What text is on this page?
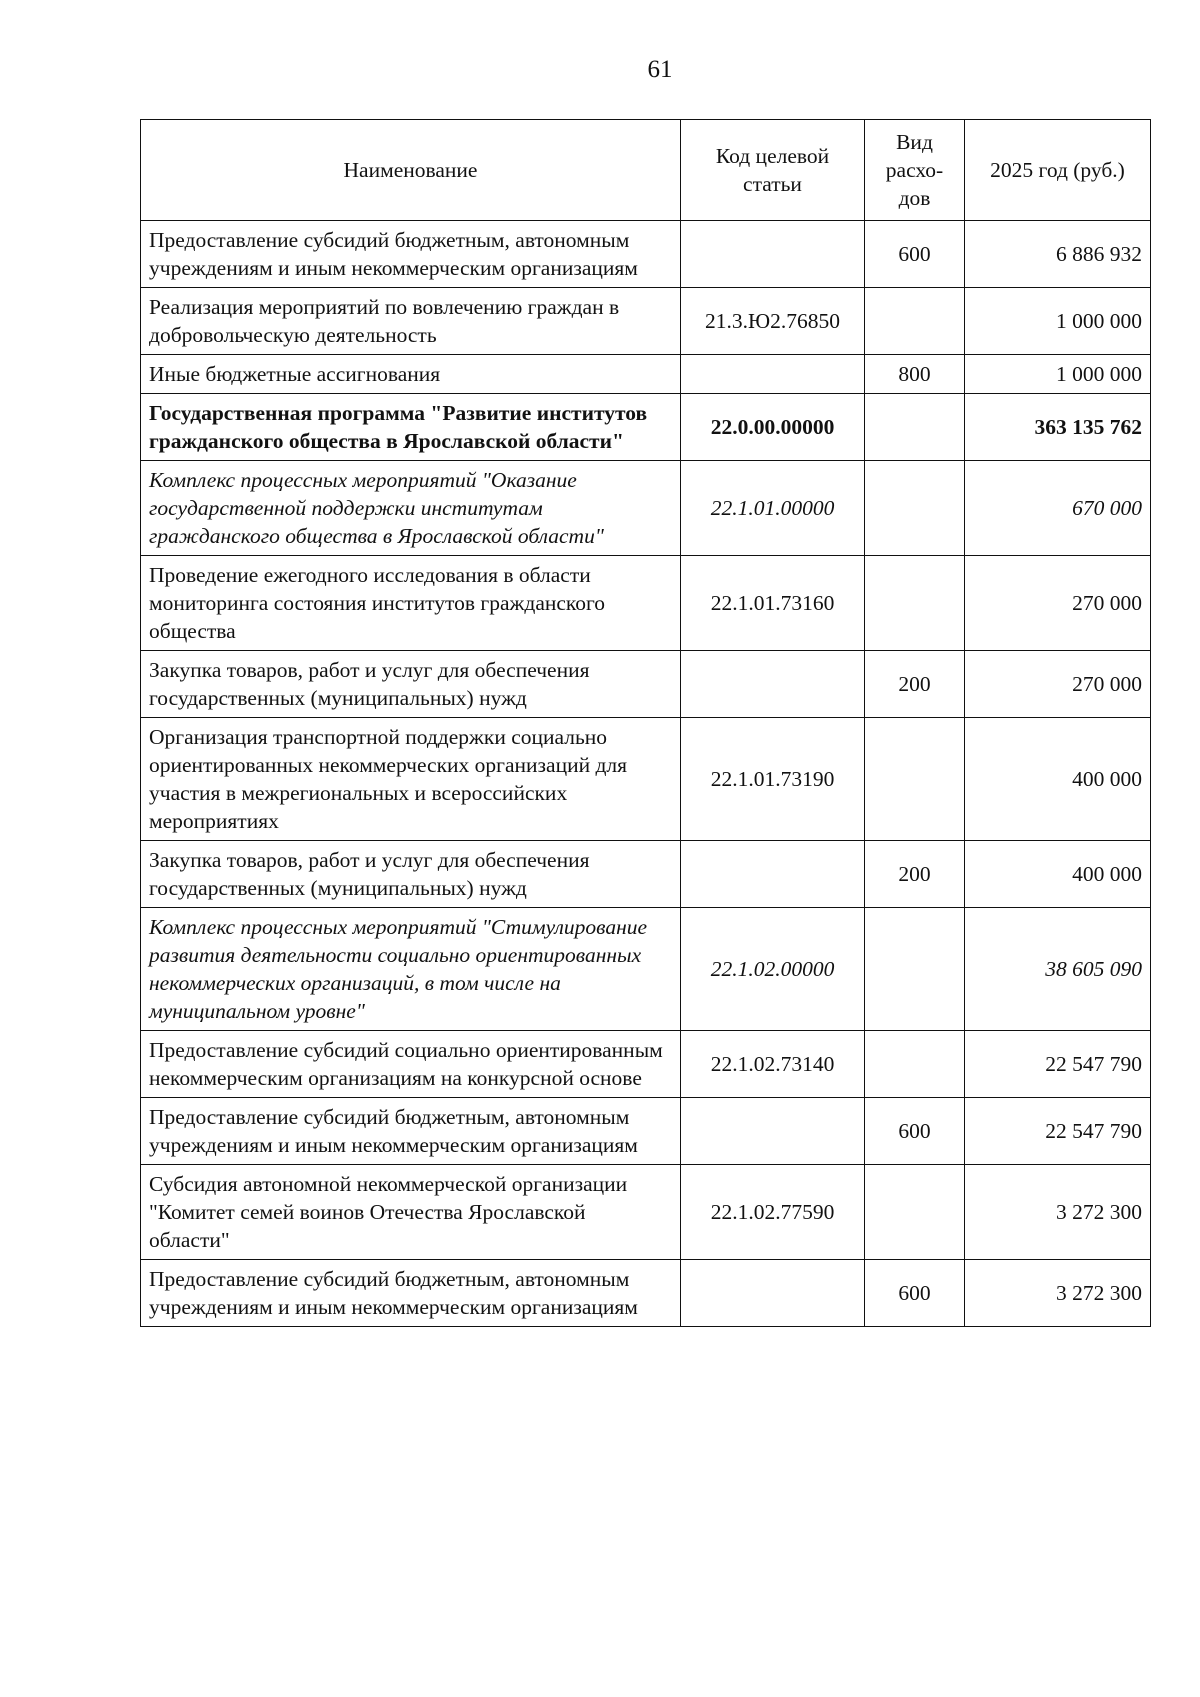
61
Наименование	Код целевой статьи	Вид расхо-дов	2025 год (руб.)
Предоставление субсидий бюджетным, автономным учреждениям и иным некоммерческим организациям		600	6 886 932
Реализация мероприятий по вовлечению граждан в добровольческую деятельность	21.3.Ю2.76850		1 000 000
Иные бюджетные ассигнования		800	1 000 000
Государственная программа "Развитие институтов гражданского общества в Ярославской области"	22.0.00.00000		363 135 762
Комплекс процессных мероприятий "Оказание государственной поддержки институтам гражданского общества в Ярославской области"	22.1.01.00000		670 000
Проведение ежегодного исследования в области мониторинга состояния институтов гражданского общества	22.1.01.73160		270 000
Закупка товаров, работ и услуг для обеспечения государственных (муниципальных) нужд		200	270 000
Организация транспортной поддержки социально ориентированных некоммерческих организаций для участия в межрегиональных и всероссийских мероприятиях	22.1.01.73190		400 000
Закупка товаров, работ и услуг для обеспечения государственных (муниципальных) нужд		200	400 000
Комплекс процессных мероприятий "Стимулирование развития деятельности социально ориентированных некоммерческих организаций, в том числе на муниципальном уровне"	22.1.02.00000		38 605 090
Предоставление субсидий социально ориентированным некоммерческим организациям на конкурсной основе	22.1.02.73140		22 547 790
Предоставление субсидий бюджетным, автономным учреждениям и иным некоммерческим организациям		600	22 547 790
Субсидия автономной некоммерческой организации "Комитет семей воинов Отечества Ярославской области"	22.1.02.77590		3 272 300
Предоставление субсидий бюджетным, автономным учреждениям и иным некоммерческим организациям		600	3 272 300
